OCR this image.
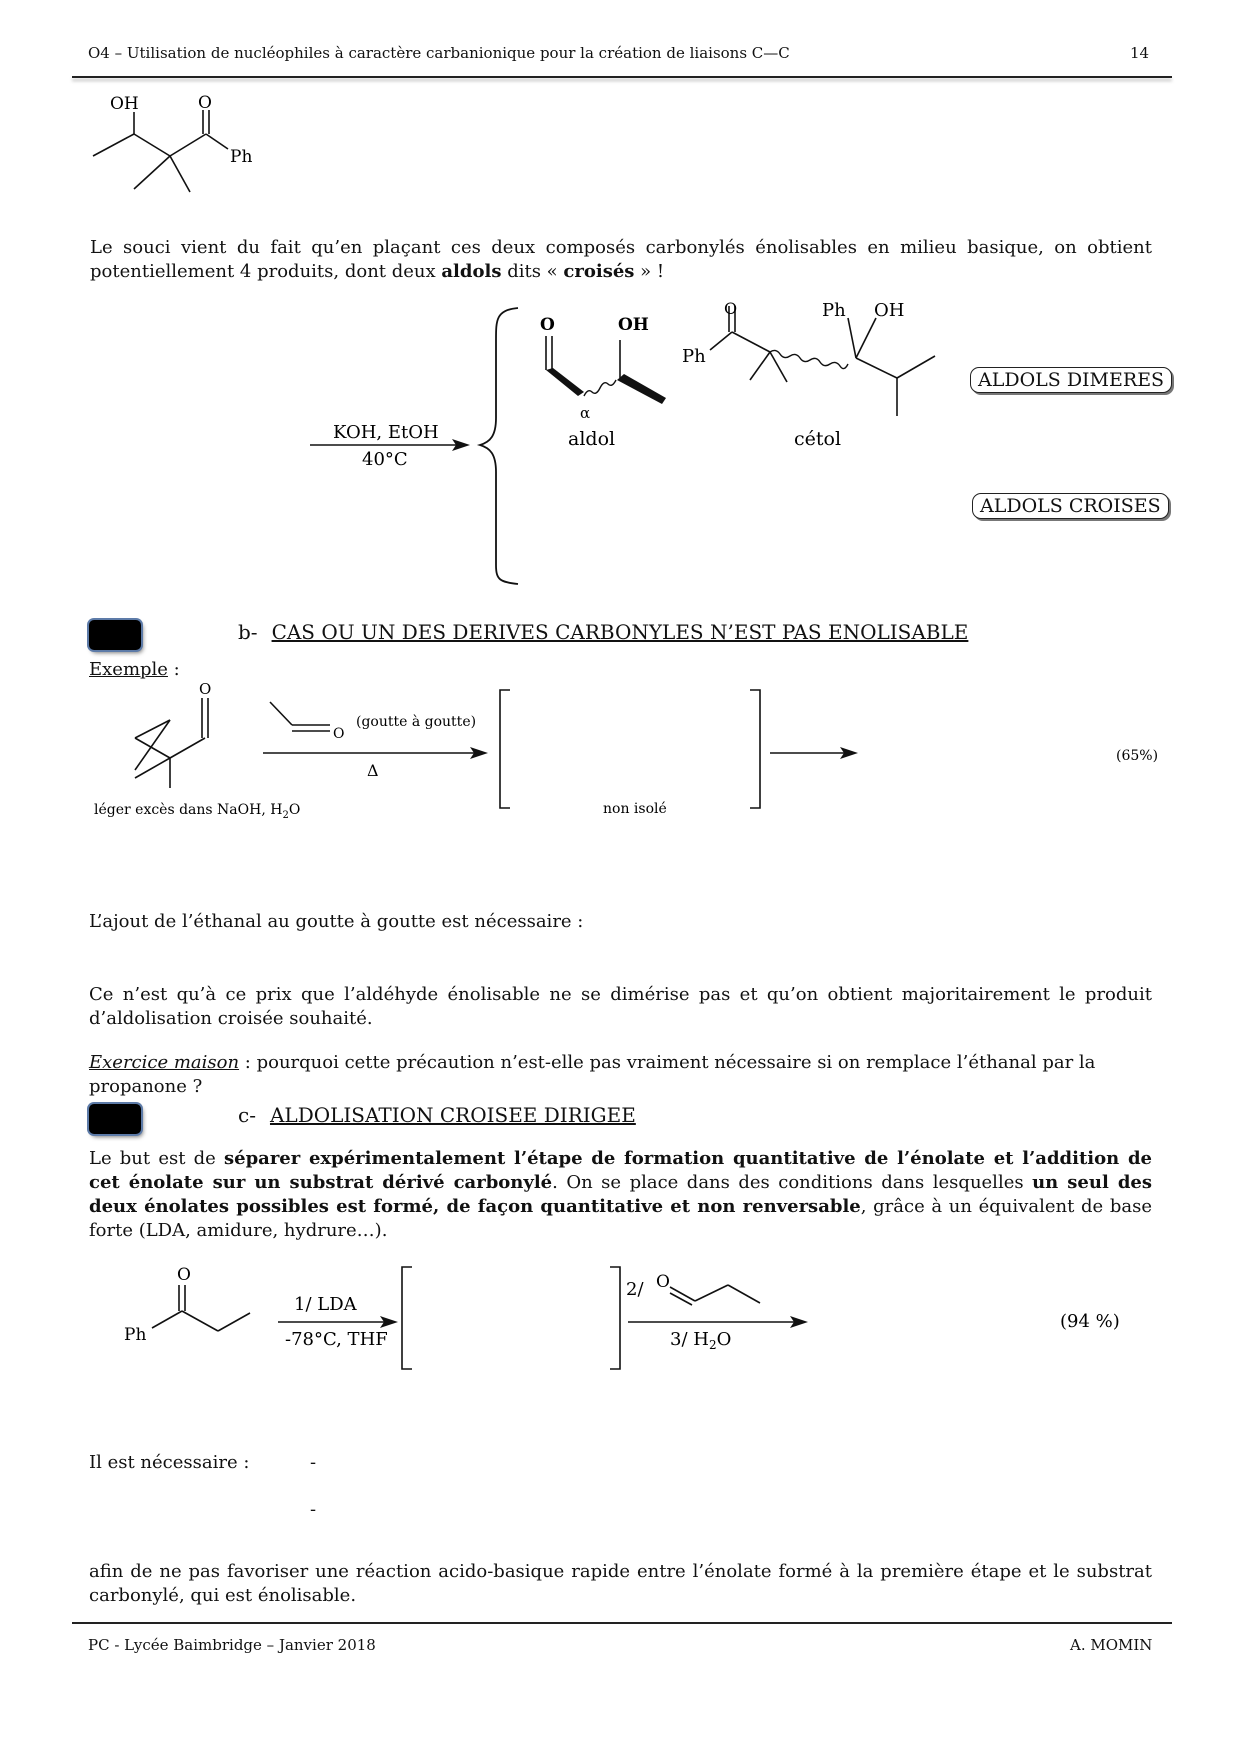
O4 – Utilisation de nucléophiles à caractère carbanionique pour la création de liaisons C—C	14
OH	O
Ph
Le souci vient du fait qu’en plaçant ces deux composés carbonylés énolisables en milieu basique, on obtient potentiellement 4 produits, dont deux aldols dits « croisés » !
KOH, EtOH
40°C
O	OH
α
aldol
O	Ph OH
Ph
cétol
ALDOLS DIMERES
ALDOLS CROISES
b- CAS OU UN DES DERIVES CARBONYLES N’EST PAS ENOLISABLE
Exemple :
O
O
(goutte à goutte)
Δ
léger excès dans NaOH, $H_2O$	non isolé
(65%)
L’ajout de l’éthanal au goutte à goutte est nécessaire :
Ce n’est qu’à ce prix que l’aldéhyde énolisable ne se dimérise pas et qu’on obtient majoritairement le produit d’aldolisation croisée souhaité.
Exercice maison : pourquoi cette précaution n’est-elle pas vraiment nécessaire si on remplace l’éthanal par la propanone ?
c- ALDOLISATION CROISEE DIRIGEE
Le but est de séparer expérimentalement l’étape de formation quantitative de l’énolate et l’addition de cet énolate sur un substrat dérivé carbonylé. On se place dans des conditions dans lesquelles un seul des deux énolates possibles est formé, de façon quantitative et non renversable, grâce à un équivalent de base forte (LDA, amidure, hydrure…).
O
Ph
1/ LDA
-78°C, THF
2/ O
3/ $H_2O$
(94 %)
Il est nécessaire :	-
-
afin de ne pas favoriser une réaction acido-basique rapide entre l’énolate formé à la première étape et le substrat carbonylé, qui est énolisable.
PC - Lycée Baimbridge – Janvier 2018	A. MOMIN
